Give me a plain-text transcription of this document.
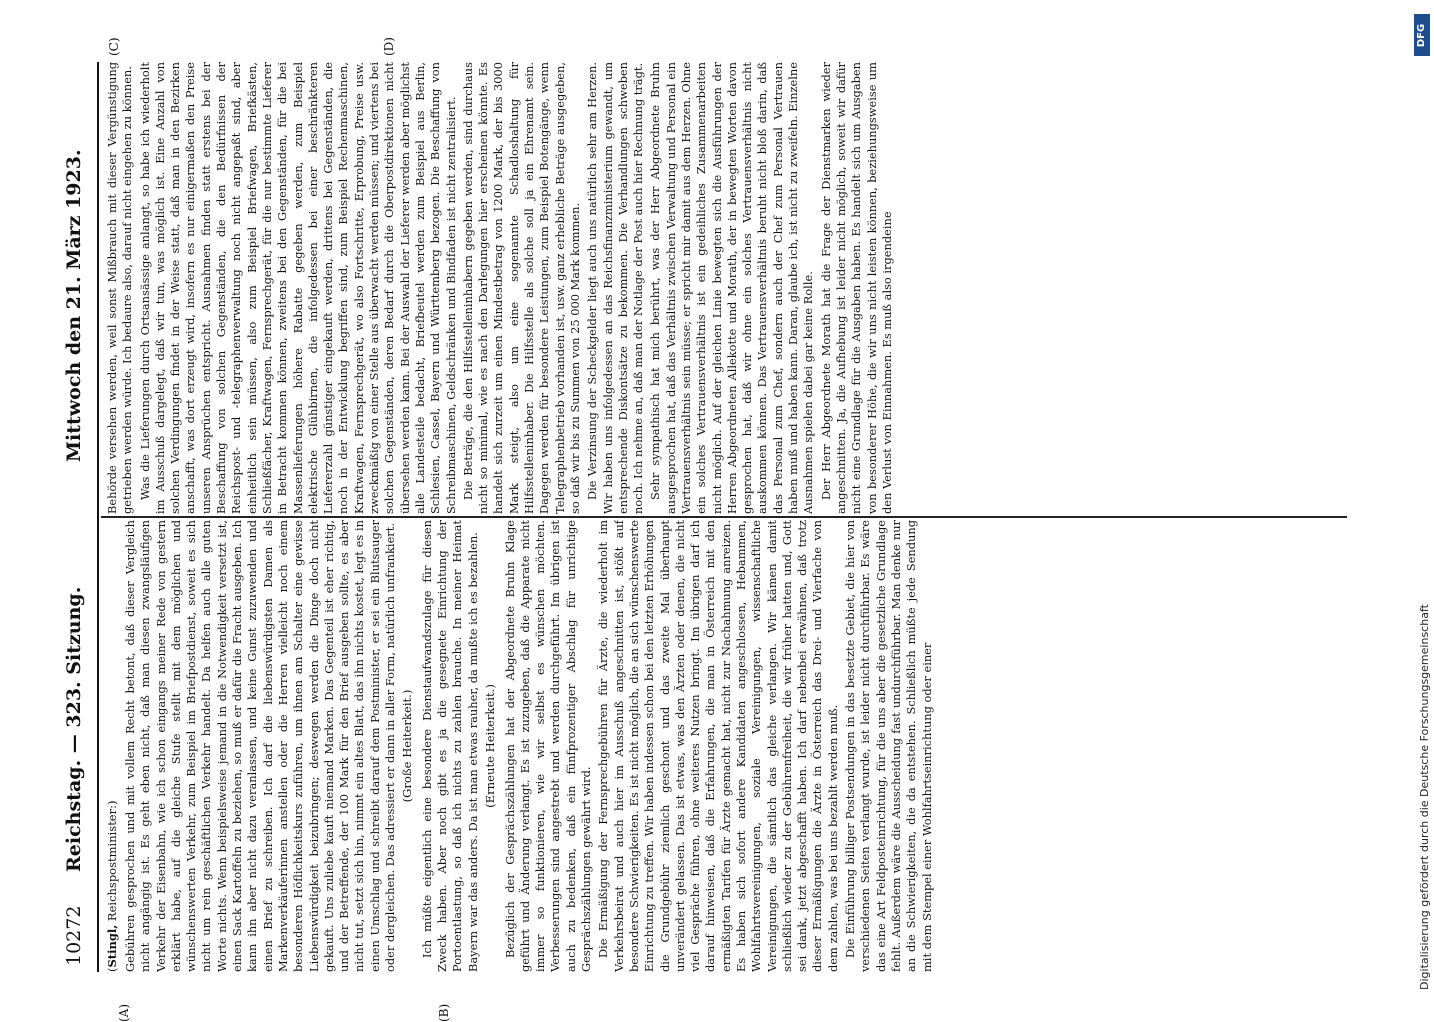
10272
Reichstag. — 323. Sitzung.
Mittwoch den 21. März 1923.
(A)	(B)
(C)	(D)

(Stingl, Reichspostminister:) Gebühren gesprochen und mit vollem Recht betont, daß dieser Vergleich nicht angängig ist. Es geht eben nicht, daß man diesen zwangsläufigen Verkehr der Eisenbahn, wie ich schon eingangs meiner Rede von gestern erklärt habe, auf die gleiche Stufe stellt mit dem möglichen und wünschenswerten Verkehr, zum Beispiel im Briefpostdienst, soweit es sich nicht um rein geschäftlichen Verkehr handelt. Da helfen auch alle guten Worte nichts. Wenn beispielsweise jemand in die Notwendigkeit versetzt ist, einen Sack Kartoffeln zu beziehen, so muß er dafür die Fracht ausgeben. Ich kann ihn aber nicht dazu veranlassen, und keine Gunst zuzuwenden und einen Brief zu schreiben. Ich darf die liebenswürdigsten Damen als Markenverkäuferinnen anstellen oder die Herren vielleicht noch einem besonderen Höflichkeitskurs zuführen, um ihnen am Schalter eine gewisse Liebenswürdigkeit beizubringen; deswegen werden die Dinge doch nicht gekauft. Uns zuliebe kauft niemand Marken. Das Gegenteil ist eher richtig, und der Betreffende, der 100 Mark für den Brief ausgeben sollte, es aber nicht tut, setzt sich hin, nimmt ein altes Blatt, das ihn nichts kostet, legt es in einen Umschlag und schreibt darauf dem Postminister, er sei ein Blutsauger oder dergleichen. Das adressiert er dann in aller Form, natürlich unfrankiert. (Große Heiterkeit.) Ich müßte eigentlich eine besondere Dienstaufwandszulage für diesen Zweck haben. Aber noch gibt es ja die gesegnete Einrichtung der Portoentlastung, so daß ich nichts zu zahlen brauche. In meiner Heimat Bayern war das anders. Da ist man etwas rauher, da mußte ich es bezahlen. (Erneute Heiterkeit.) Bezüglich der Gesprächszählungen hat der Abgeordnete Bruhn Klage geführt und Änderung verlangt. Es ist zuzugeben, daß die Apparate nicht immer so funktionieren, wie wir selbst es wünschen möchten. Verbesserungen sind angestrebt und werden durchgeführt. Im übrigen ist auch zu bedenken, daß ein fünfprozentiger Abschlag für unrichtige Gesprächszählungen gewährt wird. Die Ermäßigung der Fernsprechgebühren für Ärzte, die wiederholt im Verkehrsbeirat und auch hier im Ausschuß angeschnitten ist, stößt auf besondere Schwierigkeiten. Es ist nicht möglich, die an sich wünschenswerte Einrichtung zu treffen. Wir haben indessen schon bei den letzten Erhöhungen die Grundgebühr ziemlich geschont und das zweite Mal überhaupt unverändert gelassen. Das ist etwas, was den Ärzten oder denen, die nicht viel Gespräche führen, ohne weiteres Nutzen bringt. Im übrigen darf ich darauf hinweisen, daß die Erfahrungen, die man in Österreich mit den ermäßigten Tarifen für Ärzte gemacht hat, nicht zur Nachahmung anreizen. Es haben sich sofort andere Kandidaten angeschlossen, Hebammen, Wohlfahrtsvereinigungen, soziale Vereinigungen, wissenschaftliche Vereinigungen, die sämtlich das gleiche verlangen. Wir kämen damit schließlich wieder zu der Gebührenfreiheit, die wir früher hatten und, Gott sei dank, jetzt abgeschafft haben. Ich darf nebenbei erwähnen, daß trotz dieser Ermäßigungen die Ärzte in Österreich das Drei- und Vierfache von dem zahlen, was bei uns bezahlt werden muß. Die Einführung billiger Postsendungen in das besetzte Gebiet, die hier von verschiedenen Seiten verlangt wurde, ist leider nicht durchführbar. Es wäre das eine Art Feldposteinrichtung, für die uns aber die gesetzliche Grundlage fehlt. Außerdem wäre die Ausscheidung fast undurchführbar. Man denke nur an die Schwierigkeiten, die da entstehen. Schließlich müßte jede Sendung mit dem Stempel einer Wohlfahrtseinrichtung oder einer

Behörde versehen werden, weil sonst Mißbrauch mit dieser Vergünstigung getrieben werden würde. Ich bedaure also, darauf nicht eingehen zu können. Was die Lieferungen durch Ortsansässige anlangt, so habe ich wiederholt im Ausschuß dargelegt, daß wir tun, was möglich ist. Eine Anzahl von solchen Verdingungen findet in der Weise statt, daß man in den Bezirken anschafft, was dort erzeugt wird, insofern es nur einigermaßen den Preise unseren Ansprüchen entspricht. Ausnahmen finden statt erstens bei der Beschaffung von solchen Gegenständen, die den Bedürfnissen der Reichspost- und -telegraphenverwaltung noch nicht angepaßt sind, aber einheitlich sein müssen, also zum Beispiel Briefwagen, Briefkästen, Schließfächer, Kraftwagen, Fernsprechgerät, für die nur bestimmte Lieferer in Betracht kommen können, zweitens bei den Gegenständen, für die bei Massenlieferungen höhere Rabatte gegeben werden, zum Beispiel elektrische Glühbirnen, die infolgedessen bei einer beschränkteren Liefererzahl günstiger eingekauft werden, drittens bei Gegenständen, die noch in der Entwicklung begriffen sind, zum Beispiel Rechenmaschinen, Kraftwagen, Fernsprechgerät, wo also Fortschritte, Erprobung, Preise usw. zweckmäßig von einer Stelle aus überwacht werden müssen; und viertens bei solchen Gegenständen, deren Bedarf durch die Oberpostdirektionen nicht übersehen werden kann. Bei der Auswahl der Lieferer werden aber möglichst alle Landesteile bedacht, Briefbeutel werden zum Beispiel aus Berlin, Schlesien, Cassel, Bayern und Württemberg bezogen. Die Beschaffung von Schreibmaschinen, Geldschränken und Bindfaden ist nicht zentralisiert. Die Beträge, die den Hilfsstelleninhabern gegeben werden, sind durchaus nicht so minimal, wie es nach den Darlegungen hier erscheinen könnte. Es handelt sich zurzeit um einen Mindestbetrag von 1200 Mark, der bis 3000 Mark steigt, also um eine sogenannte Schadloshaltung für Hilfsstelleninhaber. Die Hilfsstelle als solche soll ja ein Ehrenamt sein. Dagegen werden für besondere Leistungen, zum Beispiel Botengänge, wenn Telegraphenbetrieb vorhanden ist, usw. ganz erhebliche Beträge ausgegeben, so daß wir bis zu Summen von 25 000 Mark kommen. Die Verzinsung der Scheckgelder liegt auch uns natürlich sehr am Herzen. Wir haben uns infolgedessen an das Reichsfinanzministerium gewandt, um entsprechende Diskontsätze zu bekommen. Die Verhandlungen schweben noch. Ich nehme an, daß man der Notlage der Post auch hier Rechnung trägt. Sehr sympathisch hat mich berührt, was der Herr Abgeordnete Bruhn ausgesprochen hat, daß das Verhältnis zwischen Verwaltung und Personal ein Vertrauensverhältnis sein müsse; er spricht mir damit aus dem Herzen. Ohne ein solches Vertrauensverhältnis ist ein gedeihliches Zusammenarbeiten nicht möglich. Auf der gleichen Linie bewegten sich die Ausführungen der Herren Abgeordneten Allekotte und Morath, der in bewegten Worten davon gesprochen hat, daß wir ohne ein solches Vertrauensverhältnis nicht auskommen können. Das Vertrauensverhältnis beruht nicht bloß darin, daß das Personal zum Chef, sondern auch der Chef zum Personal Vertrauen haben muß und haben kann. Daran, glaube ich, ist nicht zu zweifeln. Einzelne Ausnahmen spielen dabei gar keine Rolle. Der Herr Abgeordnete Morath hat die Frage der Dienstmarken wieder angeschnitten. Ja, die Aufhebung ist leider nicht möglich, soweit wir dafür nicht eine Grundlage für die Ausgaben haben. Es handelt sich um Ausgaben von besonderer Höhe, die wir uns nicht leisten können, beziehungsweise um den Verlust von Einnahmen. Es muß also irgendeine

DFG
Digitalisierung gefördert durch die Deutsche Forschungsgemeinschaft
